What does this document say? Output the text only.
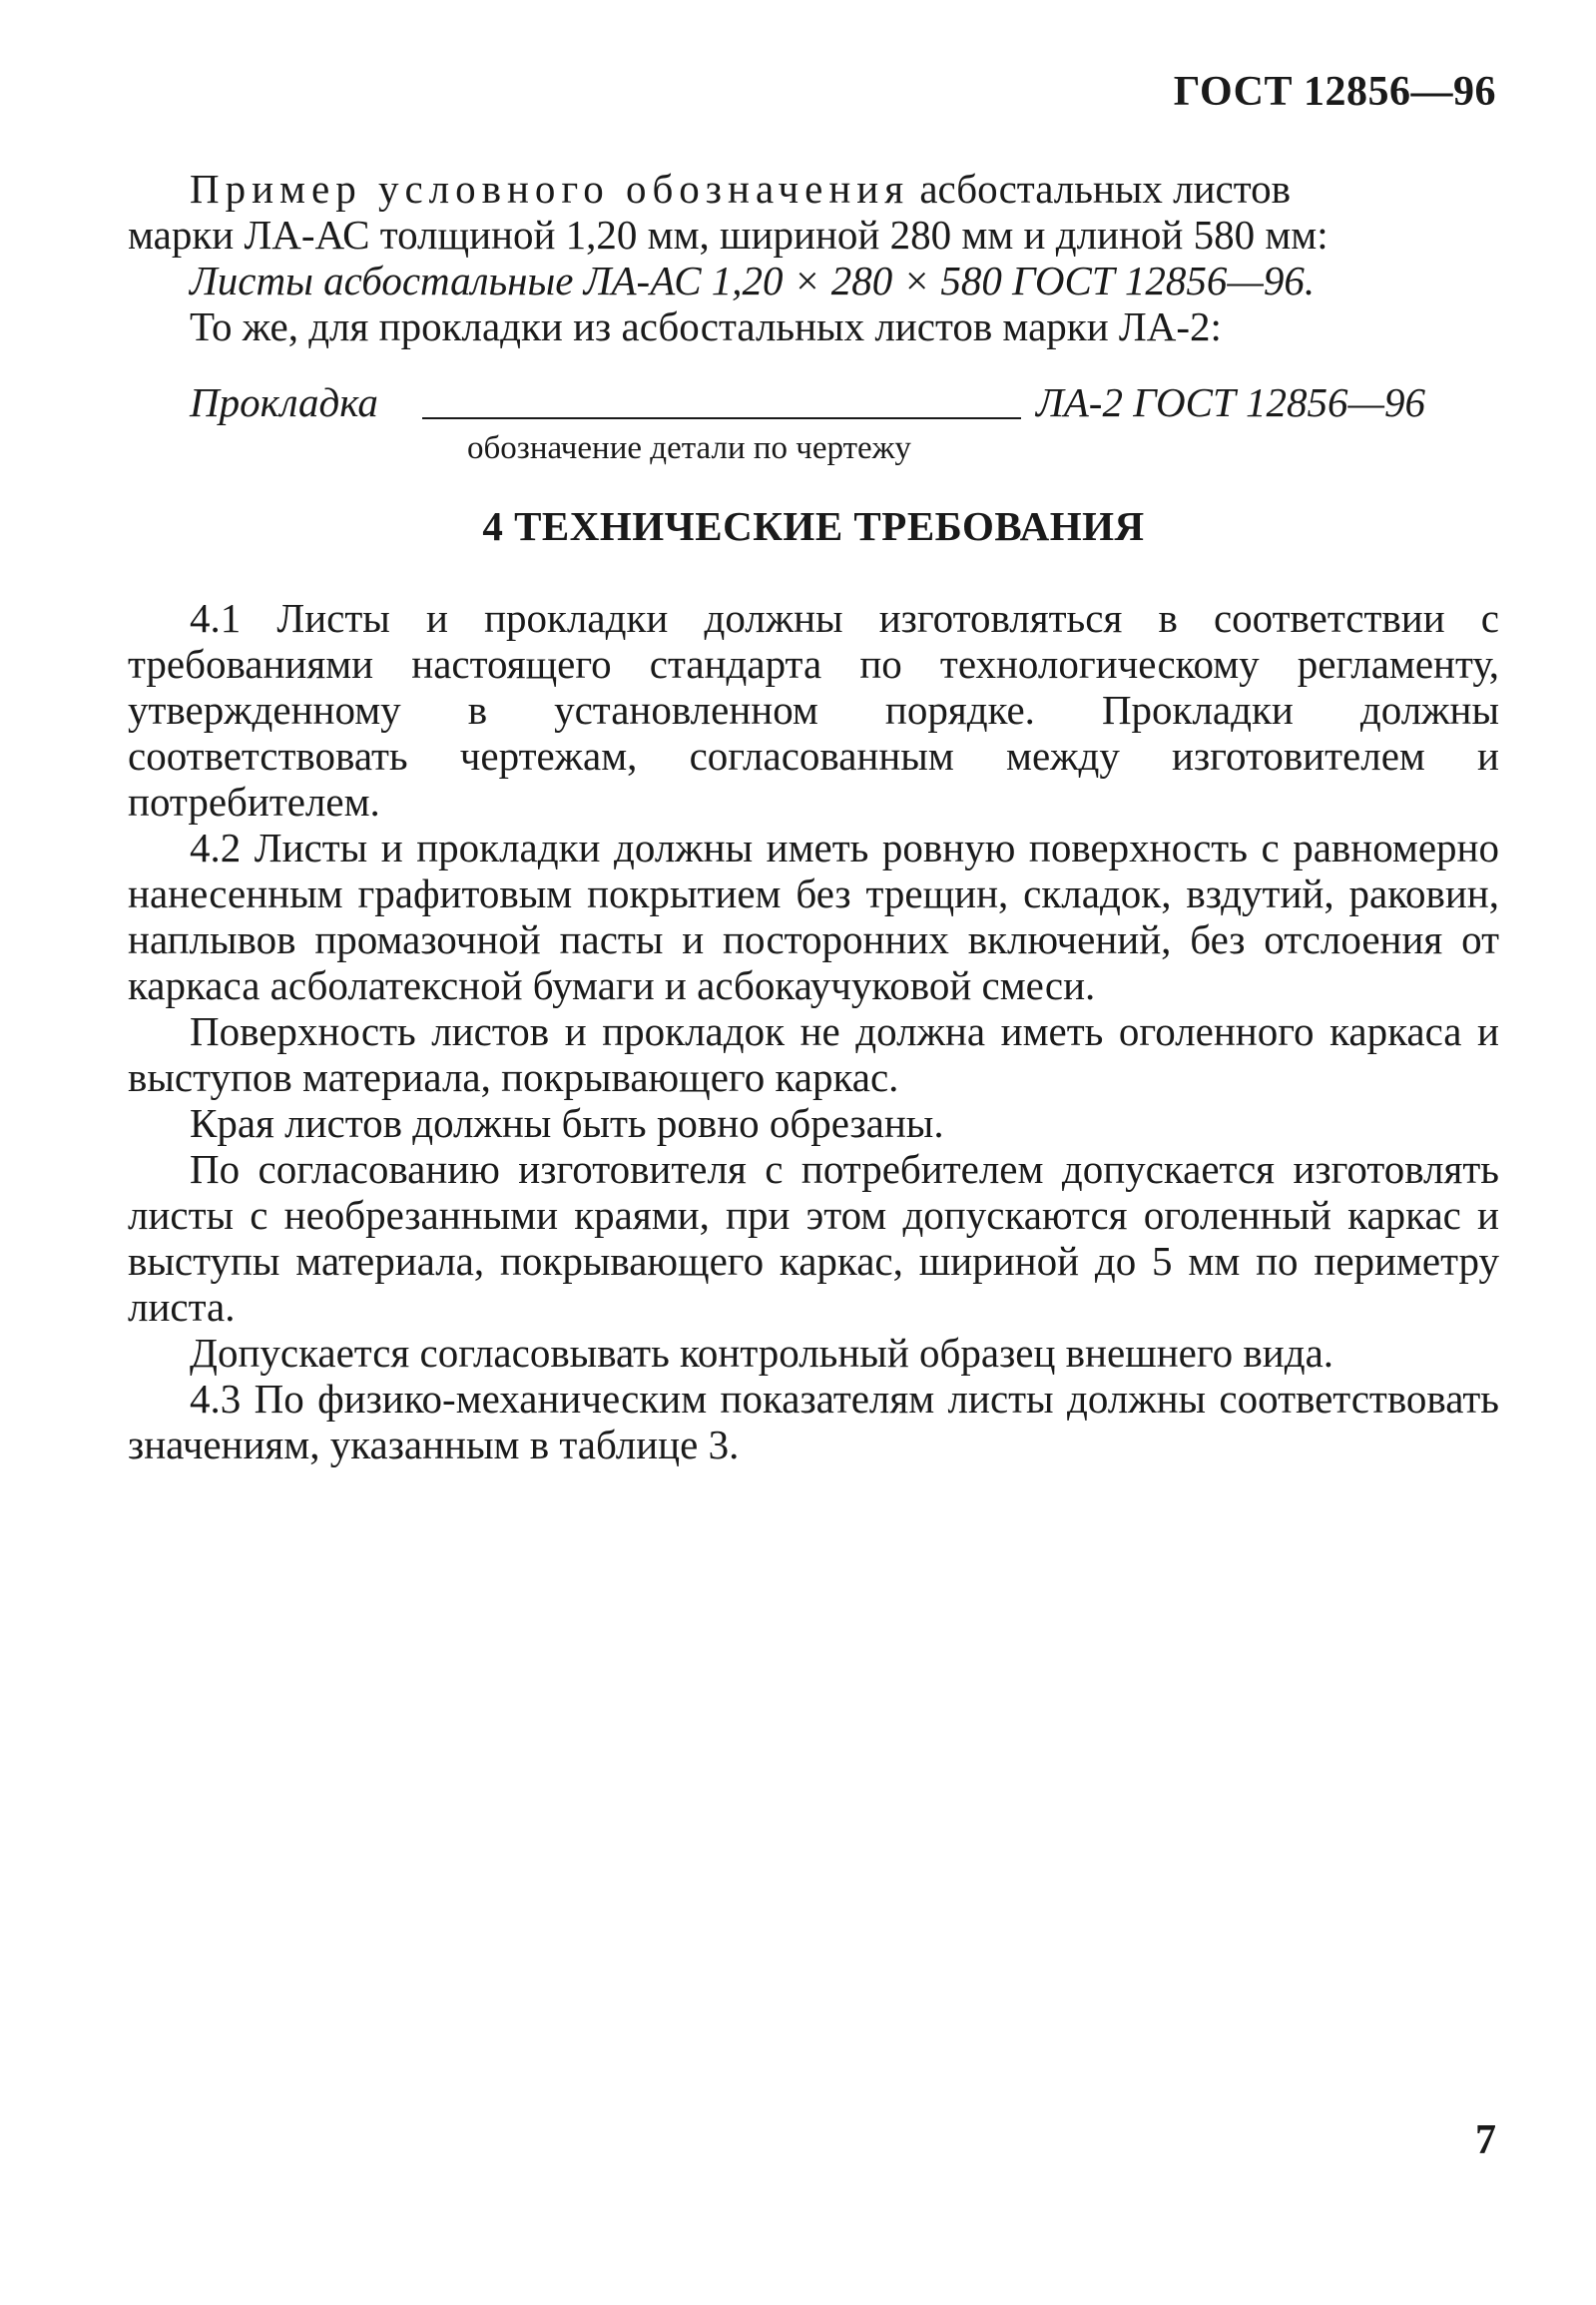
ГОСТ 12856—96

Пример условного обозначения асбостальных листов

марки ЛА-АС толщиной 1,20 мм, шириной 280 мм и длиной 580 мм:

Листы асбостальные ЛА-АС 1,20 × 280 × 580 ГОСТ 12856—96.

То же, для прокладки из асбостальных листов марки ЛА-2:

Прокладка	ЛА-2 ГОСТ 12856—96
обозначение детали по чертежу
4 ТЕХНИЧЕСКИЕ ТРЕБОВАНИЯ

4.1 Листы и прокладки должны изготовляться в соответствии с требованиями настоящего стандарта по технологическому регламенту, утвержденному в установленном порядке. Прокладки должны соответствовать чертежам, согласованным между изготовителем и потребителем.

4.2 Листы и прокладки должны иметь ровную поверхность с равномерно нанесенным графитовым покрытием без трещин, складок, вздутий, раковин, наплывов промазочной пасты и посторонних включений, без отслоения от каркаса асболатексной бумаги и асбокаучуковой смеси.

Поверхность листов и прокладок не должна иметь оголенного каркаса и выступов материала, покрывающего каркас.

Края листов должны быть ровно обрезаны.

По согласованию изготовителя с потребителем допускается изготовлять листы с необрезанными краями, при этом допускаются оголенный каркас и выступы материала, покрывающего каркас, шириной до 5 мм по периметру листа.

Допускается согласовывать контрольный образец внешнего вида.

4.3 По физико-механическим показателям листы должны соответствовать значениям, указанным в таблице 3.

7
